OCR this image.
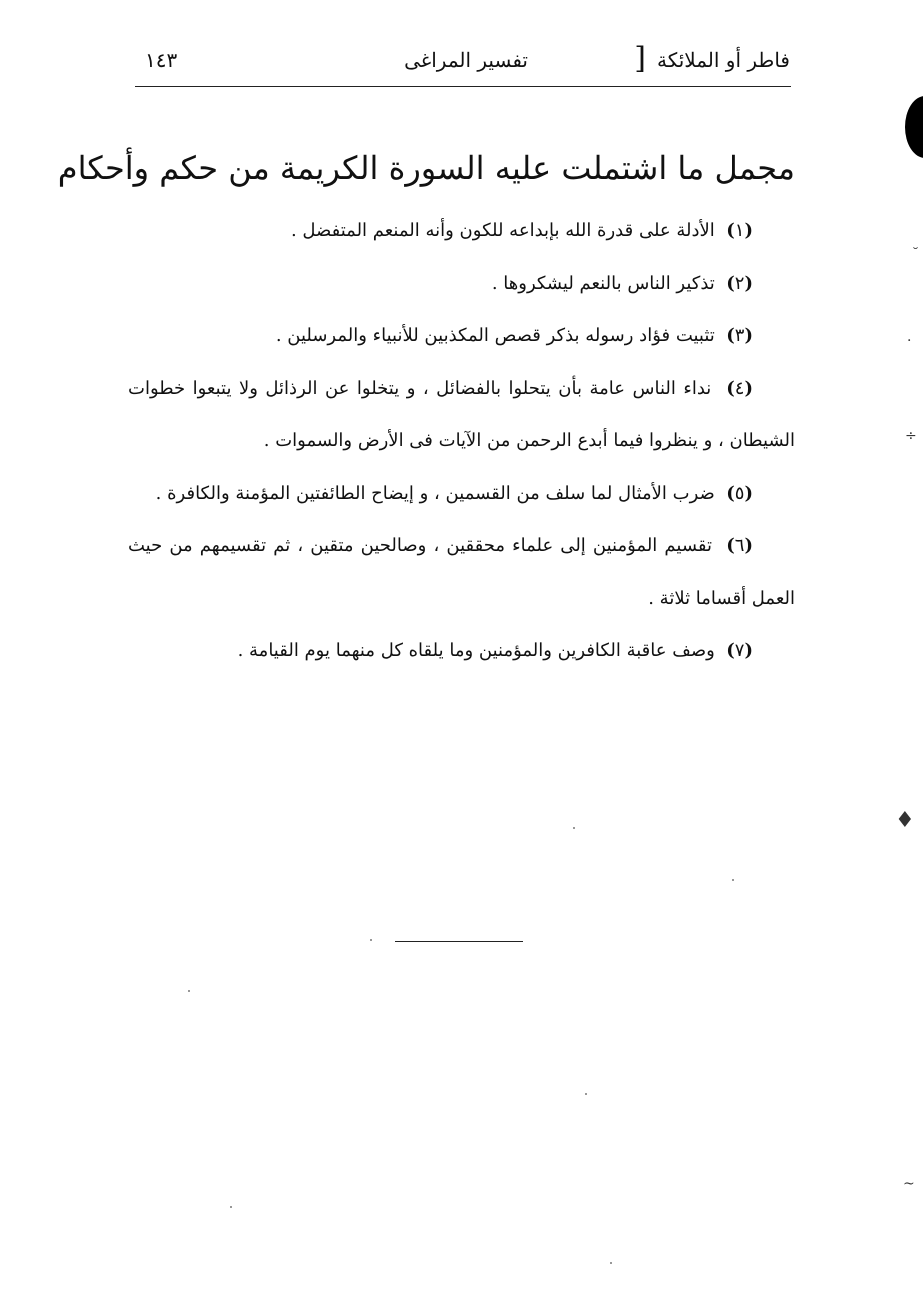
فاطر أو الملائكة
[
تفسير المراغى
١٤٣
مجمل ما اشتملت عليه السورة الكريمة من حكم وأحكام

(١)  الأدلة على قدرة الله بإبداعه للكون وأنه المنعم المتفضل .

(٢)  تذكير الناس بالنعم ليشكروها .

(٣)  تثبيت فؤاد رسوله بذكر قصص المكذبين للأنبياء والمرسلين .

(٤)  نداء الناس عامة بأن يتحلوا بالفضائل ، و يتخلوا عن الرذائل ولا يتبعوا خطوات الشيطان ، و ينظروا فيما أبدع الرحمن من الآيات فى الأرض والسموات .

(٥)  ضرب الأمثال لما سلف من القسمين ، و إيضاح الطائفتين المؤمنة والكافرة .

(٦)  تقسيم المؤمنين إلى علماء محققين ، وصالحين متقين ، ثم تقسيمهم من حيث العمل أقساما ثلاثة .

(٧)  وصف عاقبة الكافرين والمؤمنين وما يلقاه كل منهما يوم القيامة .

˘
·
÷
♦
~
